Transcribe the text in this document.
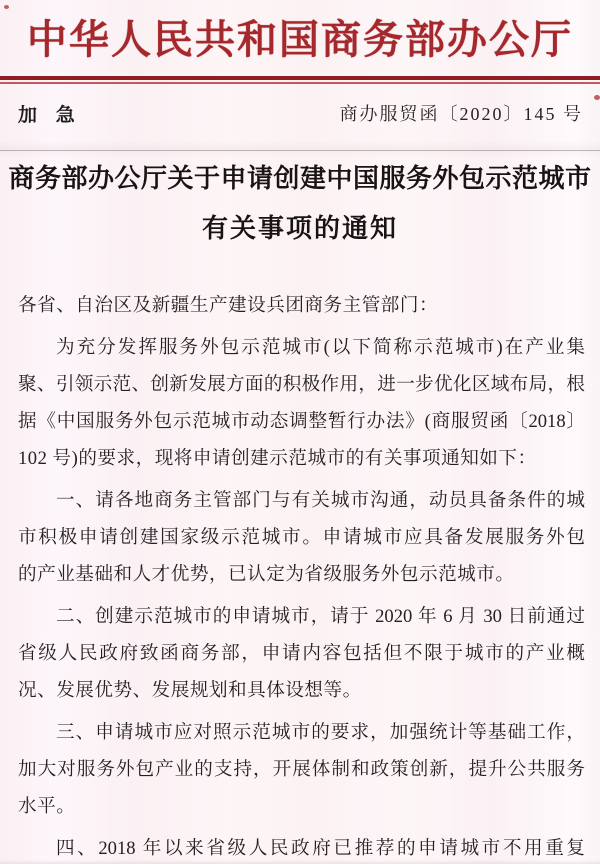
中华人民共和国商务部办公厅
加 急	商办服贸函〔2020〕145 号
商务部办公厅关于申请创建中国服务外包示范城市
有关事项的通知
各省、自治区及新疆生产建设兵团商务主管部门：
为充分发挥服务外包示范城市(以下简称示范城市)在产业集
聚、引领示范、创新发展方面的积极作用，进一步优化区域布局，根
据《中国服务外包示范城市动态调整暂行办法》(商服贸函〔2018〕
102 号)的要求，现将申请创建示范城市的有关事项通知如下：
一、请各地商务主管部门与有关城市沟通，动员具备条件的城
市积极申请创建国家级示范城市。申请城市应具备发展服务外包
的产业基础和人才优势，已认定为省级服务外包示范城市。
二、创建示范城市的申请城市，请于 2020 年 6 月 30 日前通过
省级人民政府致函商务部，申请内容包括但不限于城市的产业概
况、发展优势、发展规划和具体设想等。
三、申请城市应对照示范城市的要求，加强统计等基础工作，
加大对服务外包产业的支持，开展体制和政策创新，提升公共服务
水平。
四、2018 年以来省级人民政府已推荐的申请城市不用重复
